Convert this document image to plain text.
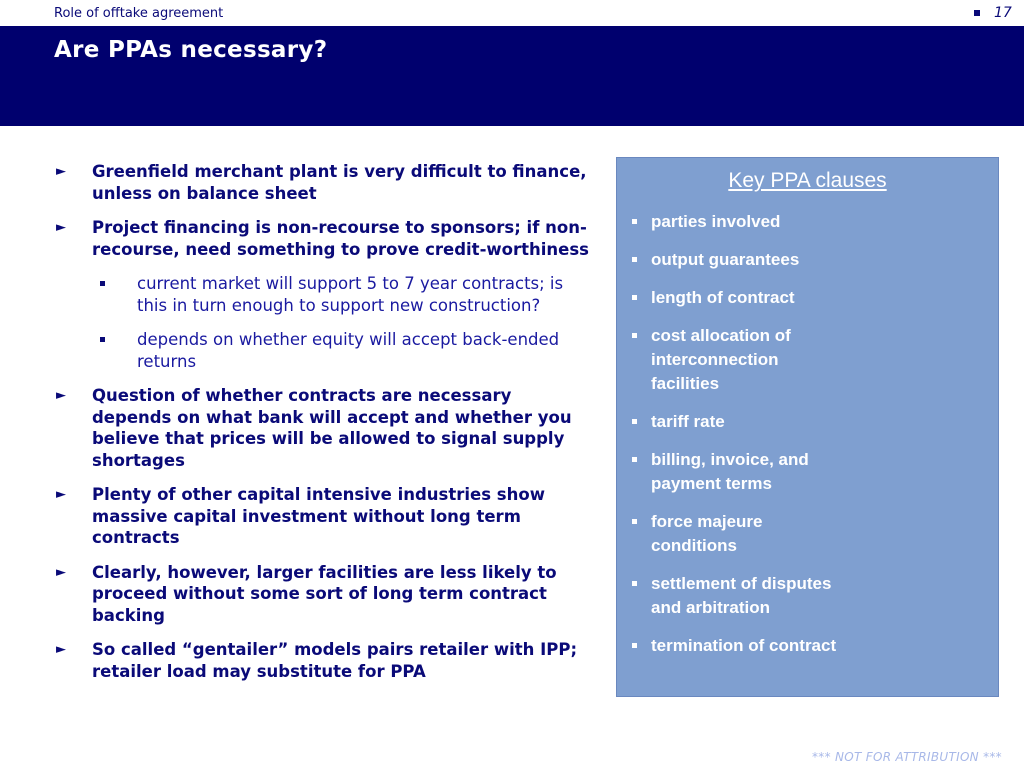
Role of offtake agreement	17
Are PPAs necessary?
► Greenfield merchant plant is very difficult to finance, unless on balance sheet
► Project financing is non-recourse to sponsors; if non-recourse, need something to prove credit-worthiness
current market will support 5 to 7 year contracts; is this in turn enough to support new construction?
depends on whether equity will accept back-ended returns
► Question of whether contracts are necessary depends on what bank will accept and whether you believe that prices will be allowed to signal supply shortages
► Plenty of other capital intensive industries show massive capital investment without long term contracts
► Clearly, however, larger facilities are less likely to proceed without some sort of long term contract backing
► So called “gentailer” models pairs retailer with IPP; retailer load may substitute for PPA
Key PPA clauses
parties involved
output guarantees
length of contract
cost allocation of
interconnection
facilities
tariff rate
billing, invoice, and
payment terms
force majeure
conditions
settlement of disputes
and arbitration
termination of contract
*** NOT FOR ATTRIBUTION ***
